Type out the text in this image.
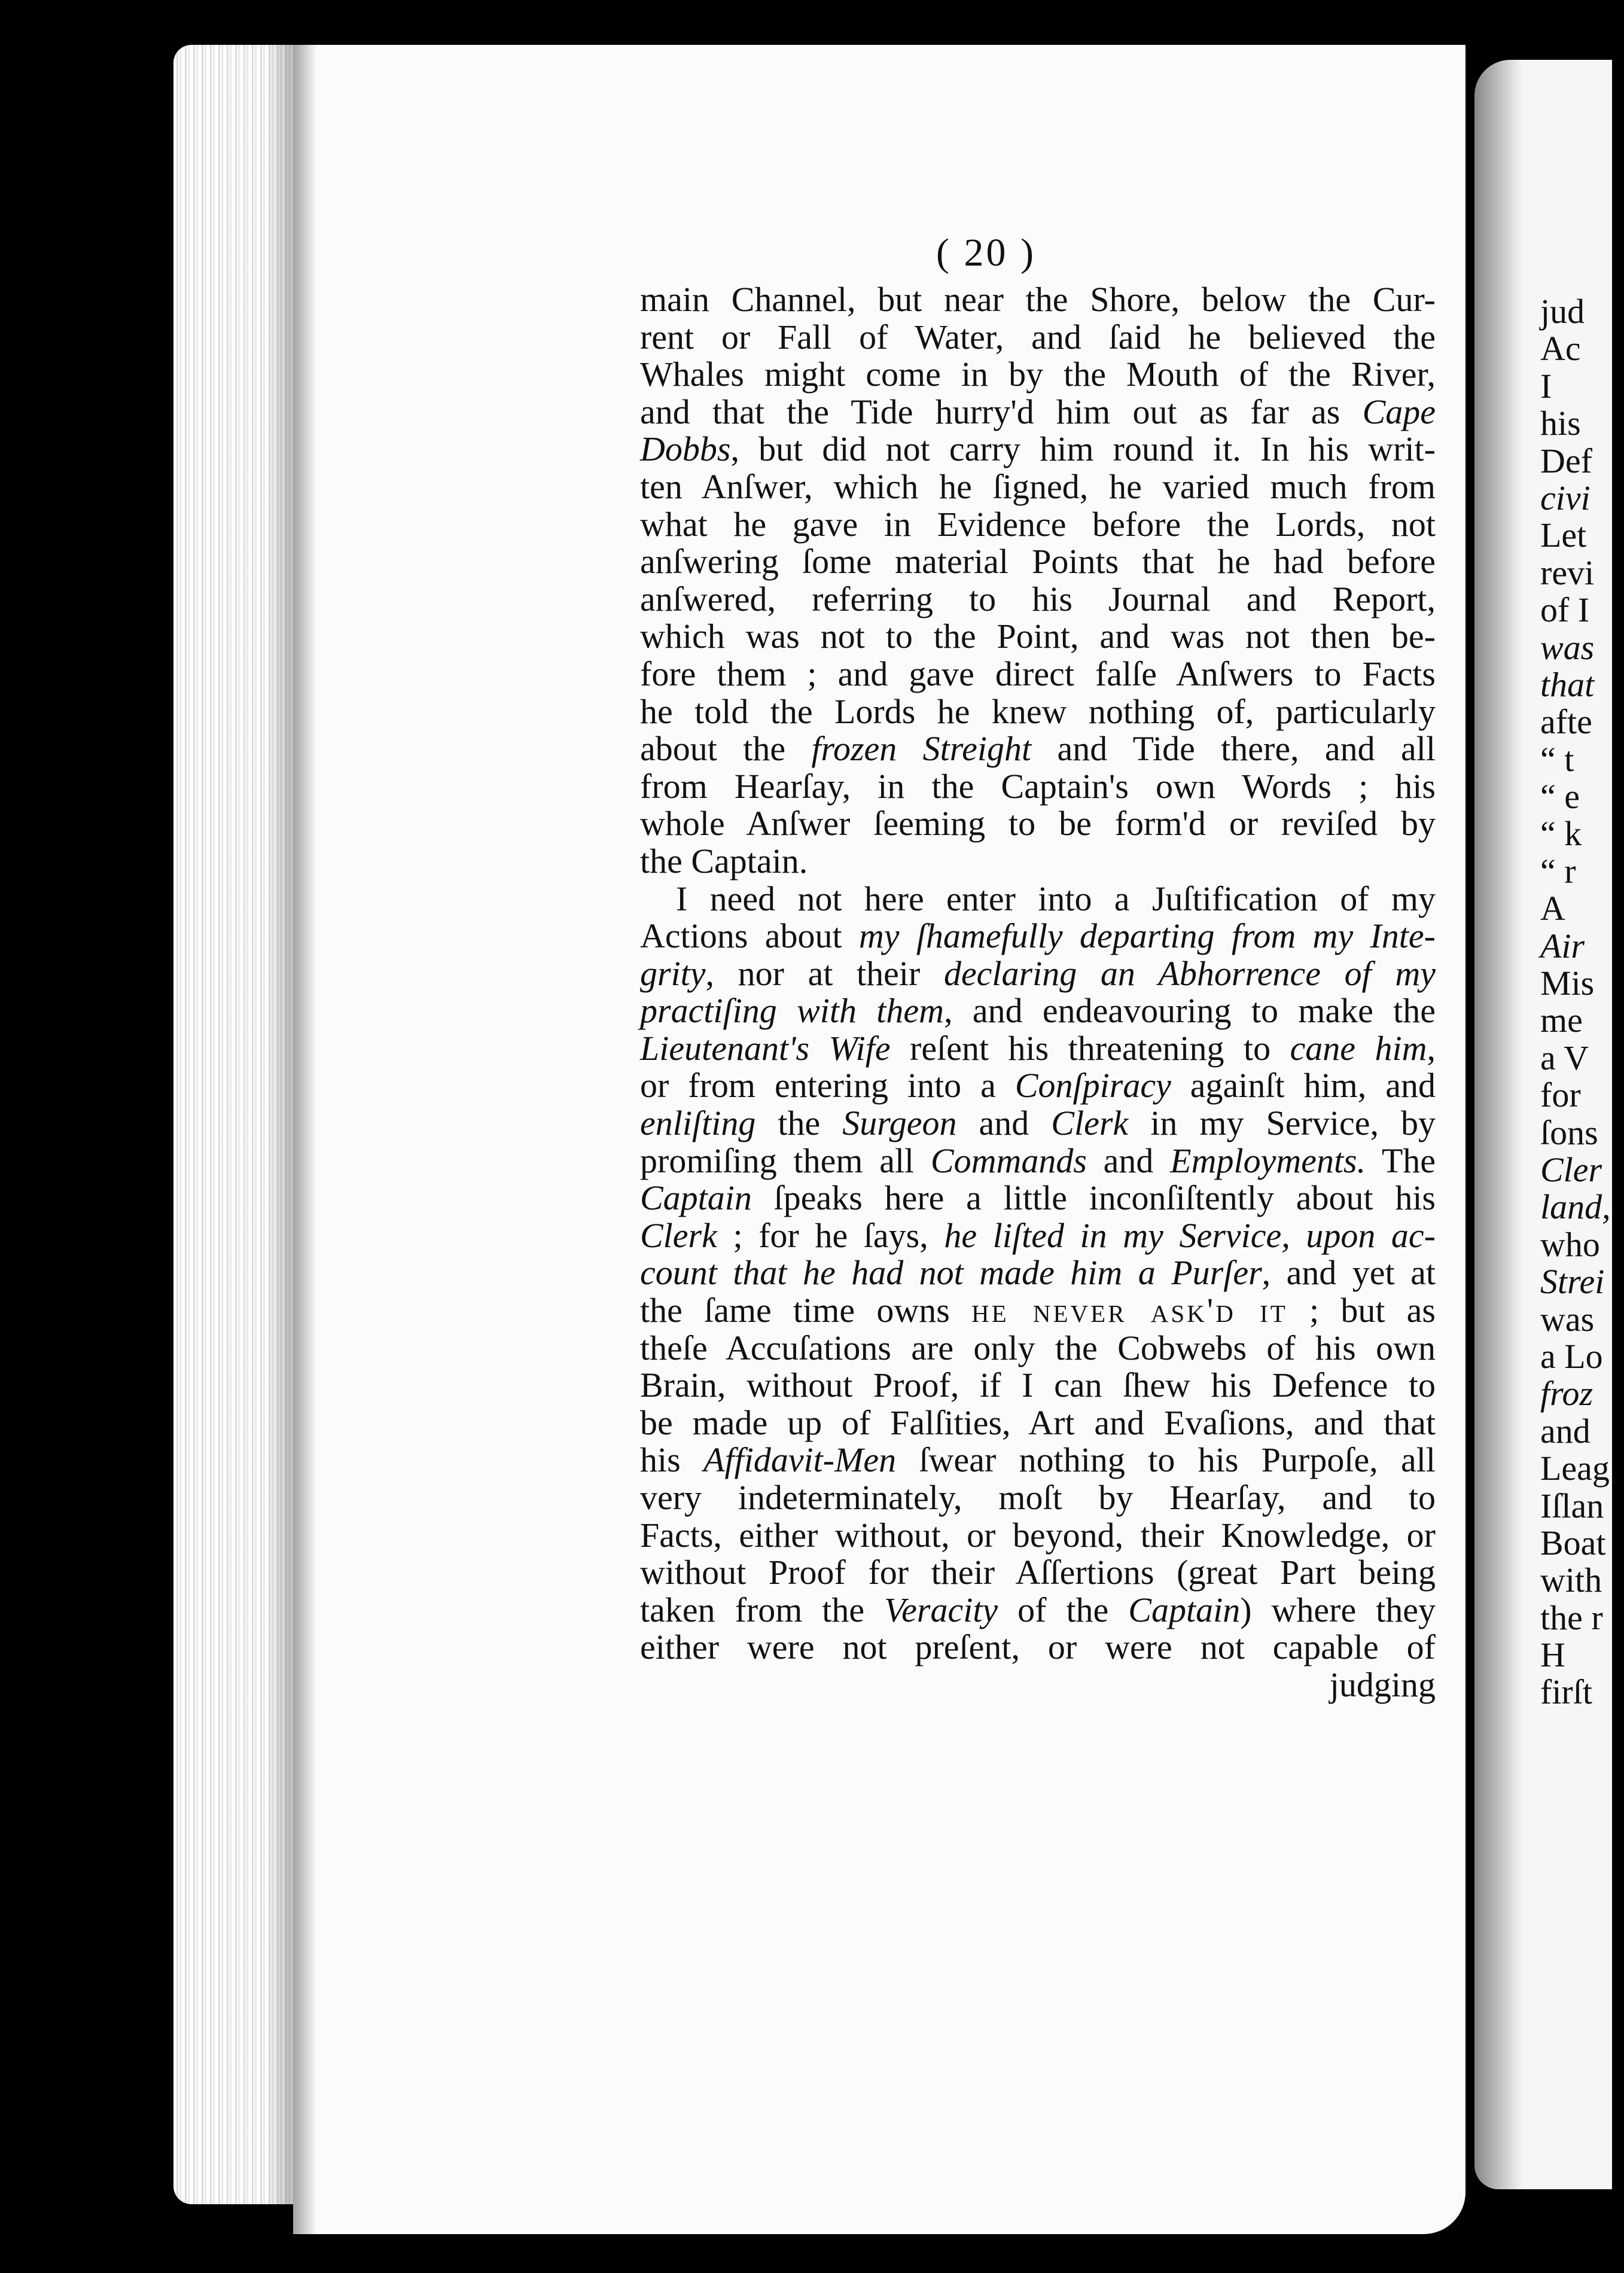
( 20 )
main Channel, but near the Shore, below the Cur-
rent or Fall of Water, and ſaid he believed the
Whales might come in by the Mouth of the River,
and that the Tide hurry'd him out as far as Cape
Dobbs, but did not carry him round it. In his writ-
ten Anſwer, which he ſigned, he varied much from
what he gave in Evidence before the Lords, not
anſwering ſome material Points that he had before
anſwered, referring to his Journal and Report,
which was not to the Point, and was not then be-
fore them ; and gave direct falſe Anſwers to Facts
he told the Lords he knew nothing of, particularly
about the frozen Streight and Tide there, and all
from Hearſay, in the Captain's own Words ; his
whole Anſwer ſeeming to be form'd or reviſed by
the Captain.
I need not here enter into a Juſtification of my
Actions about my ſhamefully departing from my Inte-
grity, nor at their declaring an Abhorrence of my
practiſing with them, and endeavouring to make the
Lieutenant's Wife reſent his threatening to cane him,
or from entering into a Conſpiracy againſt him, and
enliſting the Surgeon and Clerk in my Service, by
promiſing them all Commands and Employments. The
Captain ſpeaks here a little inconſiſtently about his
Clerk ; for he ſays, he liſted in my Service, upon ac-
count that he had not made him a Purſer, and yet at
the ſame time owns he never ask'd it ; but as
theſe Accuſations are only the Cobwebs of his own
Brain, without Proof, if I can ſhew his Defence to
be made up of Falſities, Art and Evaſions, and that
his Affidavit-Men ſwear nothing to his Purpoſe, all
very indeterminately, moſt by Hearſay, and to
Facts, either without, or beyond, their Knowledge, or
without Proof for their Aſſertions (great Part being
taken from the Veracity of the Captain) where they
either were not preſent, or were not capable of
judging
jud
Ac
I
his
Def
civi
Let
revi
of I
was
that
afte
“ t
“ e
“ k
“ r
A
Air
Mis
me
a V
for
ſons
Cler
land,
who
Strei
was
a Lo
froz
and
Leag
Iſlan
Boat
with
the r
H
firſt
